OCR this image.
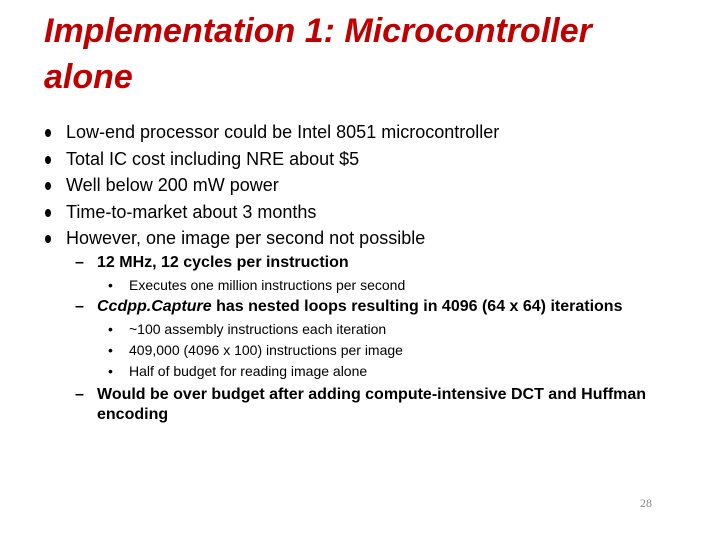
Implementation 1: Microcontroller alone
Low-end processor could be Intel 8051 microcontroller
Total IC cost including NRE about $5
Well below 200 mW power
Time-to-market about 3 months
However, one image per second not possible
– 12 MHz, 12 cycles per instruction
• Executes one million instructions per second
– Ccdpp.Capture has nested loops resulting in 4096 (64 x 64) iterations
• ~100 assembly instructions each iteration
• 409,000 (4096 x 100) instructions per image
• Half of budget for reading image alone
– Would be over budget after adding compute-intensive DCT and Huffman encoding
28
